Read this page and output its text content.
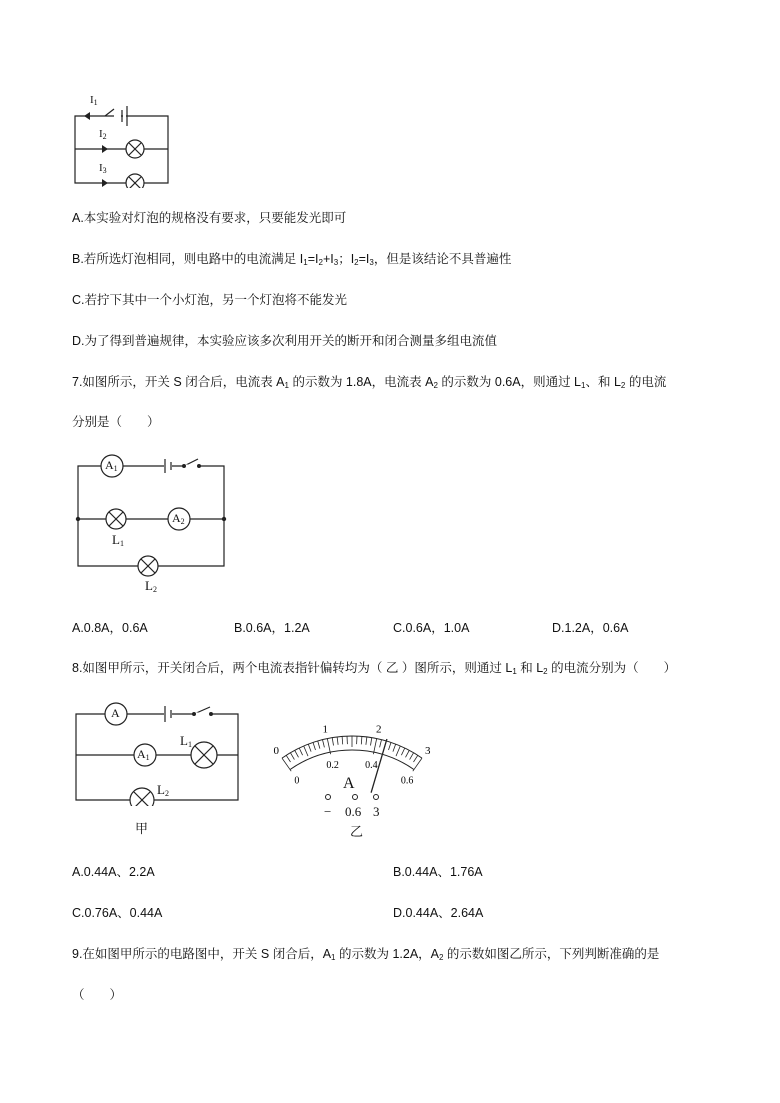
$I_1$
$I_2$
$I_3$
A.本实验对灯泡的规格没有要求，只要能发光即可
B.若所选灯泡相同，则电路中的电流满足 $I_1=I_2+I_3$；$I_2=I_3$，但是该结论不具普遍性
C.若拧下其中一个小灯泡，另一个灯泡将不能发光
D.为了得到普遍规律，本实验应该多次利用开关的断开和闭合测量多组电流值
7.如图所示，开关 S 闭合后，电流表 $A_1$ 的示数为 1.8A，电流表 $A_2$ 的示数为 0.6A，则通过 $L_1$、和 $L_2$ 的电流
分别是（　　）
$A_1$
$A_2$
$L_1$
$L_2$
A.0.8A，0.6A	B.0.6A，1.2A	C.0.6A，1.0A	D.1.2A，0.6A
8.如图甲所示，开关闭合后，两个电流表指针偏转均为（ 乙 ）图所示，则通过 $L_1$ 和 $L_2$ 的电流分别为（　　）
A
$A_1$
$L_1$
$L_2$
甲
0
1	2
3
0
0.2	0.4
0.6
A
− 0.6 3
乙
A.0.44A、2.2A	B.0.44A、1.76A
C.0.76A、0.44A	D.0.44A、2.64A
9.在如图甲所示的电路图中，开关 S 闭合后，$A_1$ 的示数为 1.2A，$A_2$ 的示数如图乙所示，下列判断准确的是
（　　）
